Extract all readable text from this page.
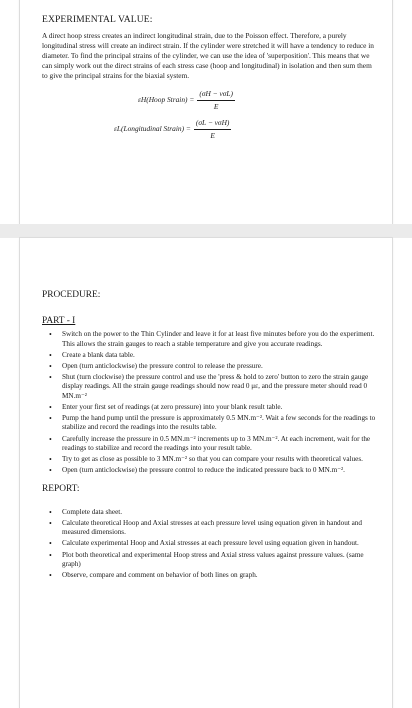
EXPERIMENTAL VALUE:

A direct hoop stress creates an indirect longitudinal strain, due to the Poisson effect. Therefore, a purely longitudinal stress will create an indirect strain. If the cylinder were stretched it will have a tendency to reduce in diameter. To find the principal strains of the cylinder, we can use the idea of 'superposition'. This means that we can simply work out the direct strains of each stress case (hoop and longitudinal) in isolation and then sum them to give the principal strains for the biaxial system.

εH(Hoop Strain) = $\frac{\text{(σH − νσL)}}{E}$
εL(Longitudinal Strain) = $\frac{\text{(σL − νσH)}}{E}$
PROCEDURE:
PART - I
• Switch on the power to the Thin Cylinder and leave it for at least five minutes before you do the experiment. This allows the strain gauges to reach a stable temperature and give you accurate readings.
• Create a blank data table.
• Open (turn anticlockwise) the pressure control to release the pressure.
• Shut (turn clockwise) the pressure control and use the 'press & hold to zero' button to zero the strain gauge display readings. All the strain gauge readings should now read 0 με, and the pressure meter should read 0 MN.m⁻²
• Enter your first set of readings (at zero pressure) into your blank result table.
• Pump the hand pump until the pressure is approximately 0.5 MN.m⁻². Wait a few seconds for the readings to stabilize and record the readings into the results table.
• Carefully increase the pressure in 0.5 MN.m⁻² increments up to 3 MN.m⁻². At each increment, wait for the readings to stabilize and record the readings into your result table.
• Try to get as close as possible to 3 MN.m⁻² so that you can compare your results with theoretical values.
• Open (turn anticlockwise) the pressure control to reduce the indicated pressure back to 0 MN.m⁻².
REPORT:
• Complete data sheet.
• Calculate theoretical Hoop and Axial stresses at each pressure level using equation given in handout and measured dimensions.
• Calculate experimental Hoop and Axial stresses at each pressure level using equation given in handout.
• Plot both theoretical and experimental Hoop stress and Axial stress values against pressure values. (same graph)
• Observe, compare and comment on behavior of both lines on graph.
